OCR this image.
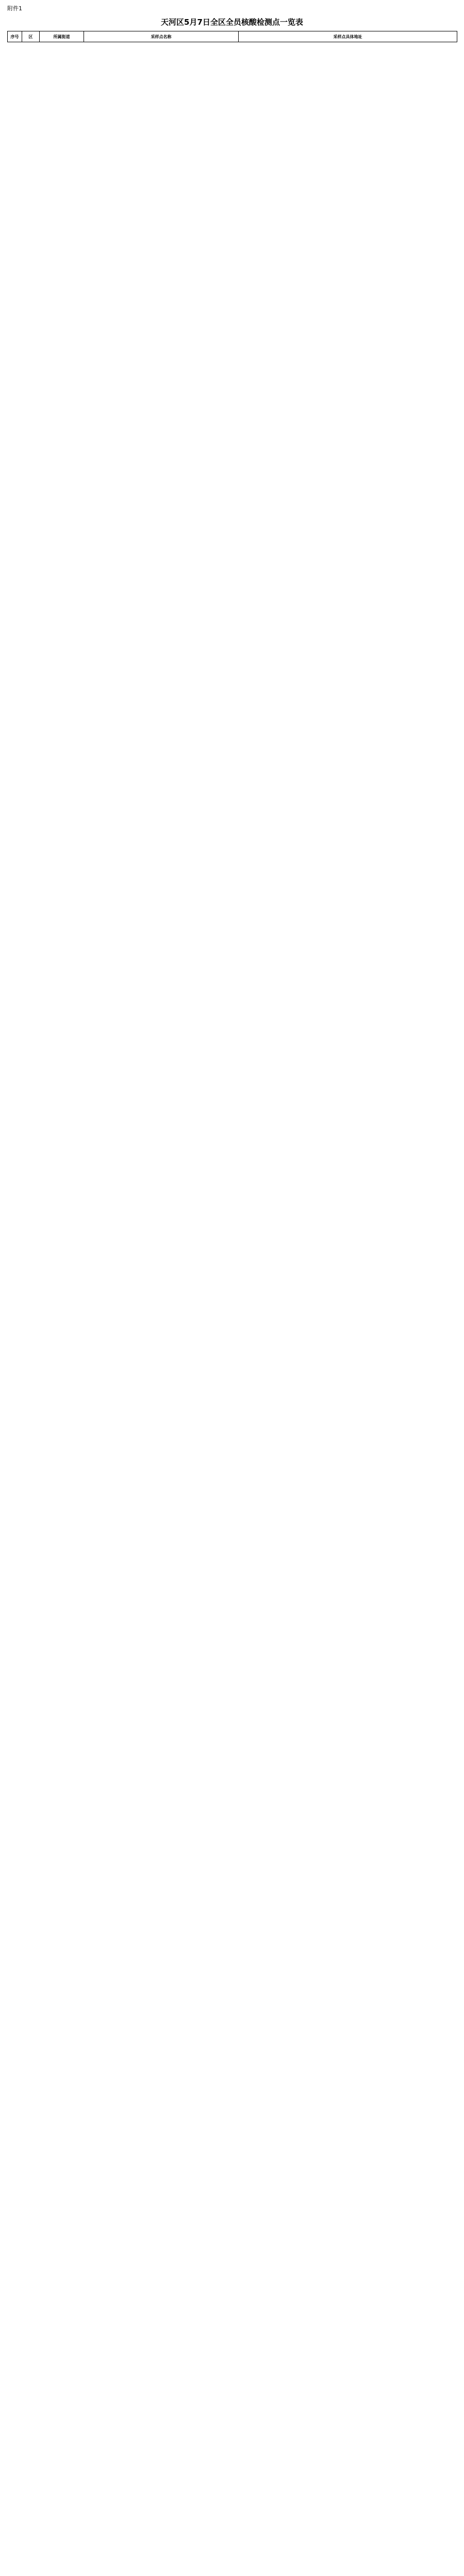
附件1
天河区5月7日全区全员核酸检测点一览表
序号	区	所属街道	采样点名称	采样点具体地址
